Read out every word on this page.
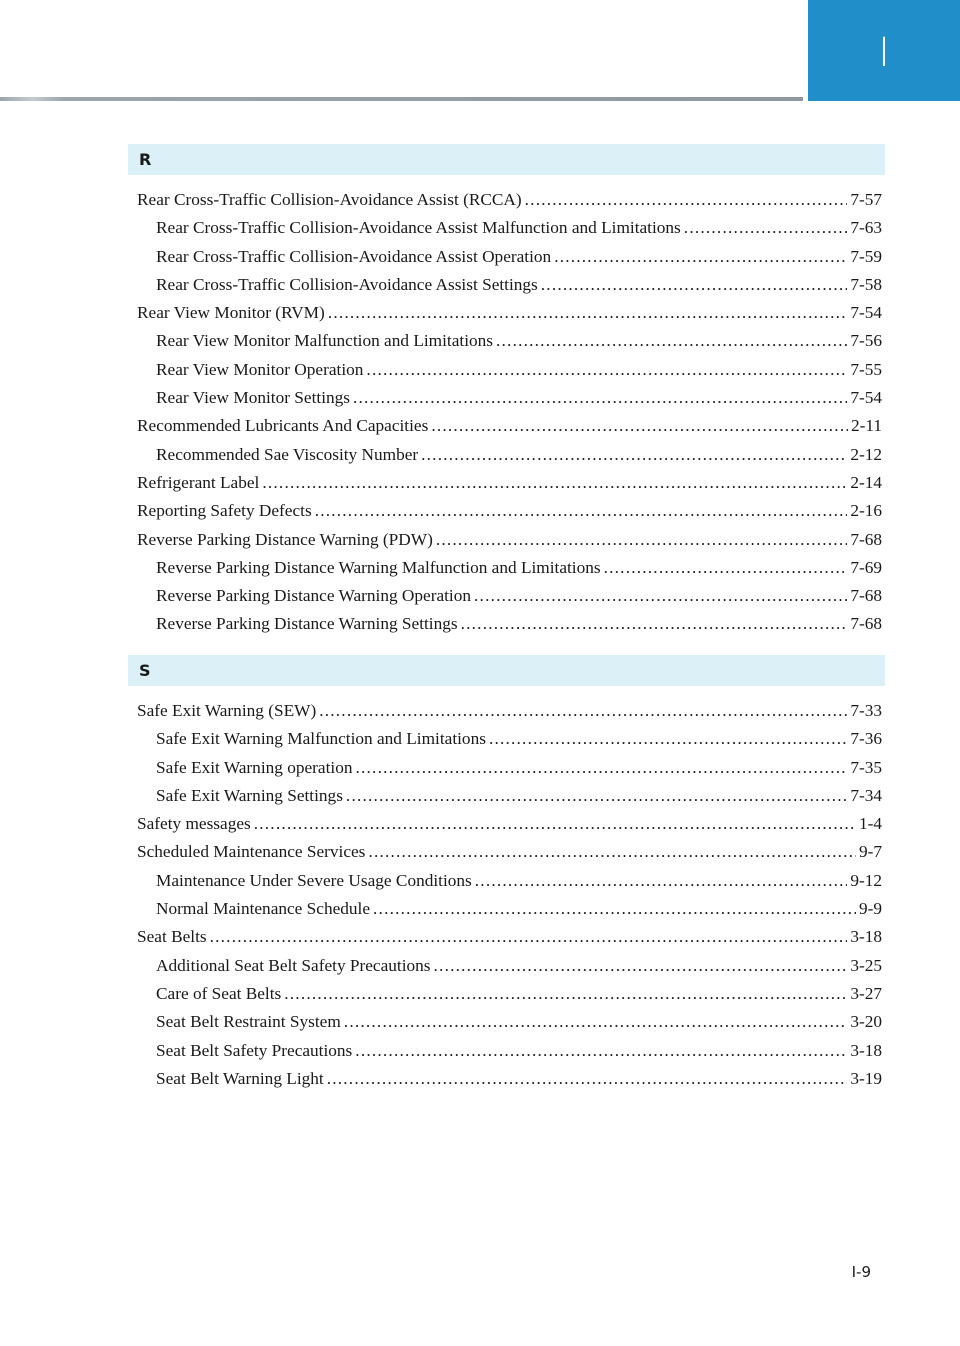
I
R
Rear Cross-Traffic Collision-Avoidance Assist (RCCA) .....	7-57
Rear Cross-Traffic Collision-Avoidance Assist Malfunction and Limitations .....	7-63
Rear Cross-Traffic Collision-Avoidance Assist Operation .....	7-59
Rear Cross-Traffic Collision-Avoidance Assist Settings .....	7-58
Rear View Monitor (RVM) .....	7-54
Rear View Monitor Malfunction and Limitations .....	7-56
Rear View Monitor Operation .....	7-55
Rear View Monitor Settings .....	7-54
Recommended Lubricants And Capacities .....	2-11
Recommended Sae Viscosity Number .....	2-12
Refrigerant Label .....	2-14
Reporting Safety Defects .....	2-16
Reverse Parking Distance Warning (PDW) .....	7-68
Reverse Parking Distance Warning Malfunction and Limitations .....	7-69
Reverse Parking Distance Warning Operation .....	7-68
Reverse Parking Distance Warning Settings .....	7-68
S
Safe Exit Warning (SEW) .....	7-33
Safe Exit Warning Malfunction and Limitations .....	7-36
Safe Exit Warning operation .....	7-35
Safe Exit Warning Settings .....	7-34
Safety messages .....	1-4
Scheduled Maintenance Services .....	9-7
Maintenance Under Severe Usage Conditions .....	9-12
Normal Maintenance Schedule .....	9-9
Seat Belts .....	3-18
Additional Seat Belt Safety Precautions .....	3-25
Care of Seat Belts .....	3-27
Seat Belt Restraint System .....	3-20
Seat Belt Safety Precautions .....	3-18
Seat Belt Warning Light .....	3-19
I-9
